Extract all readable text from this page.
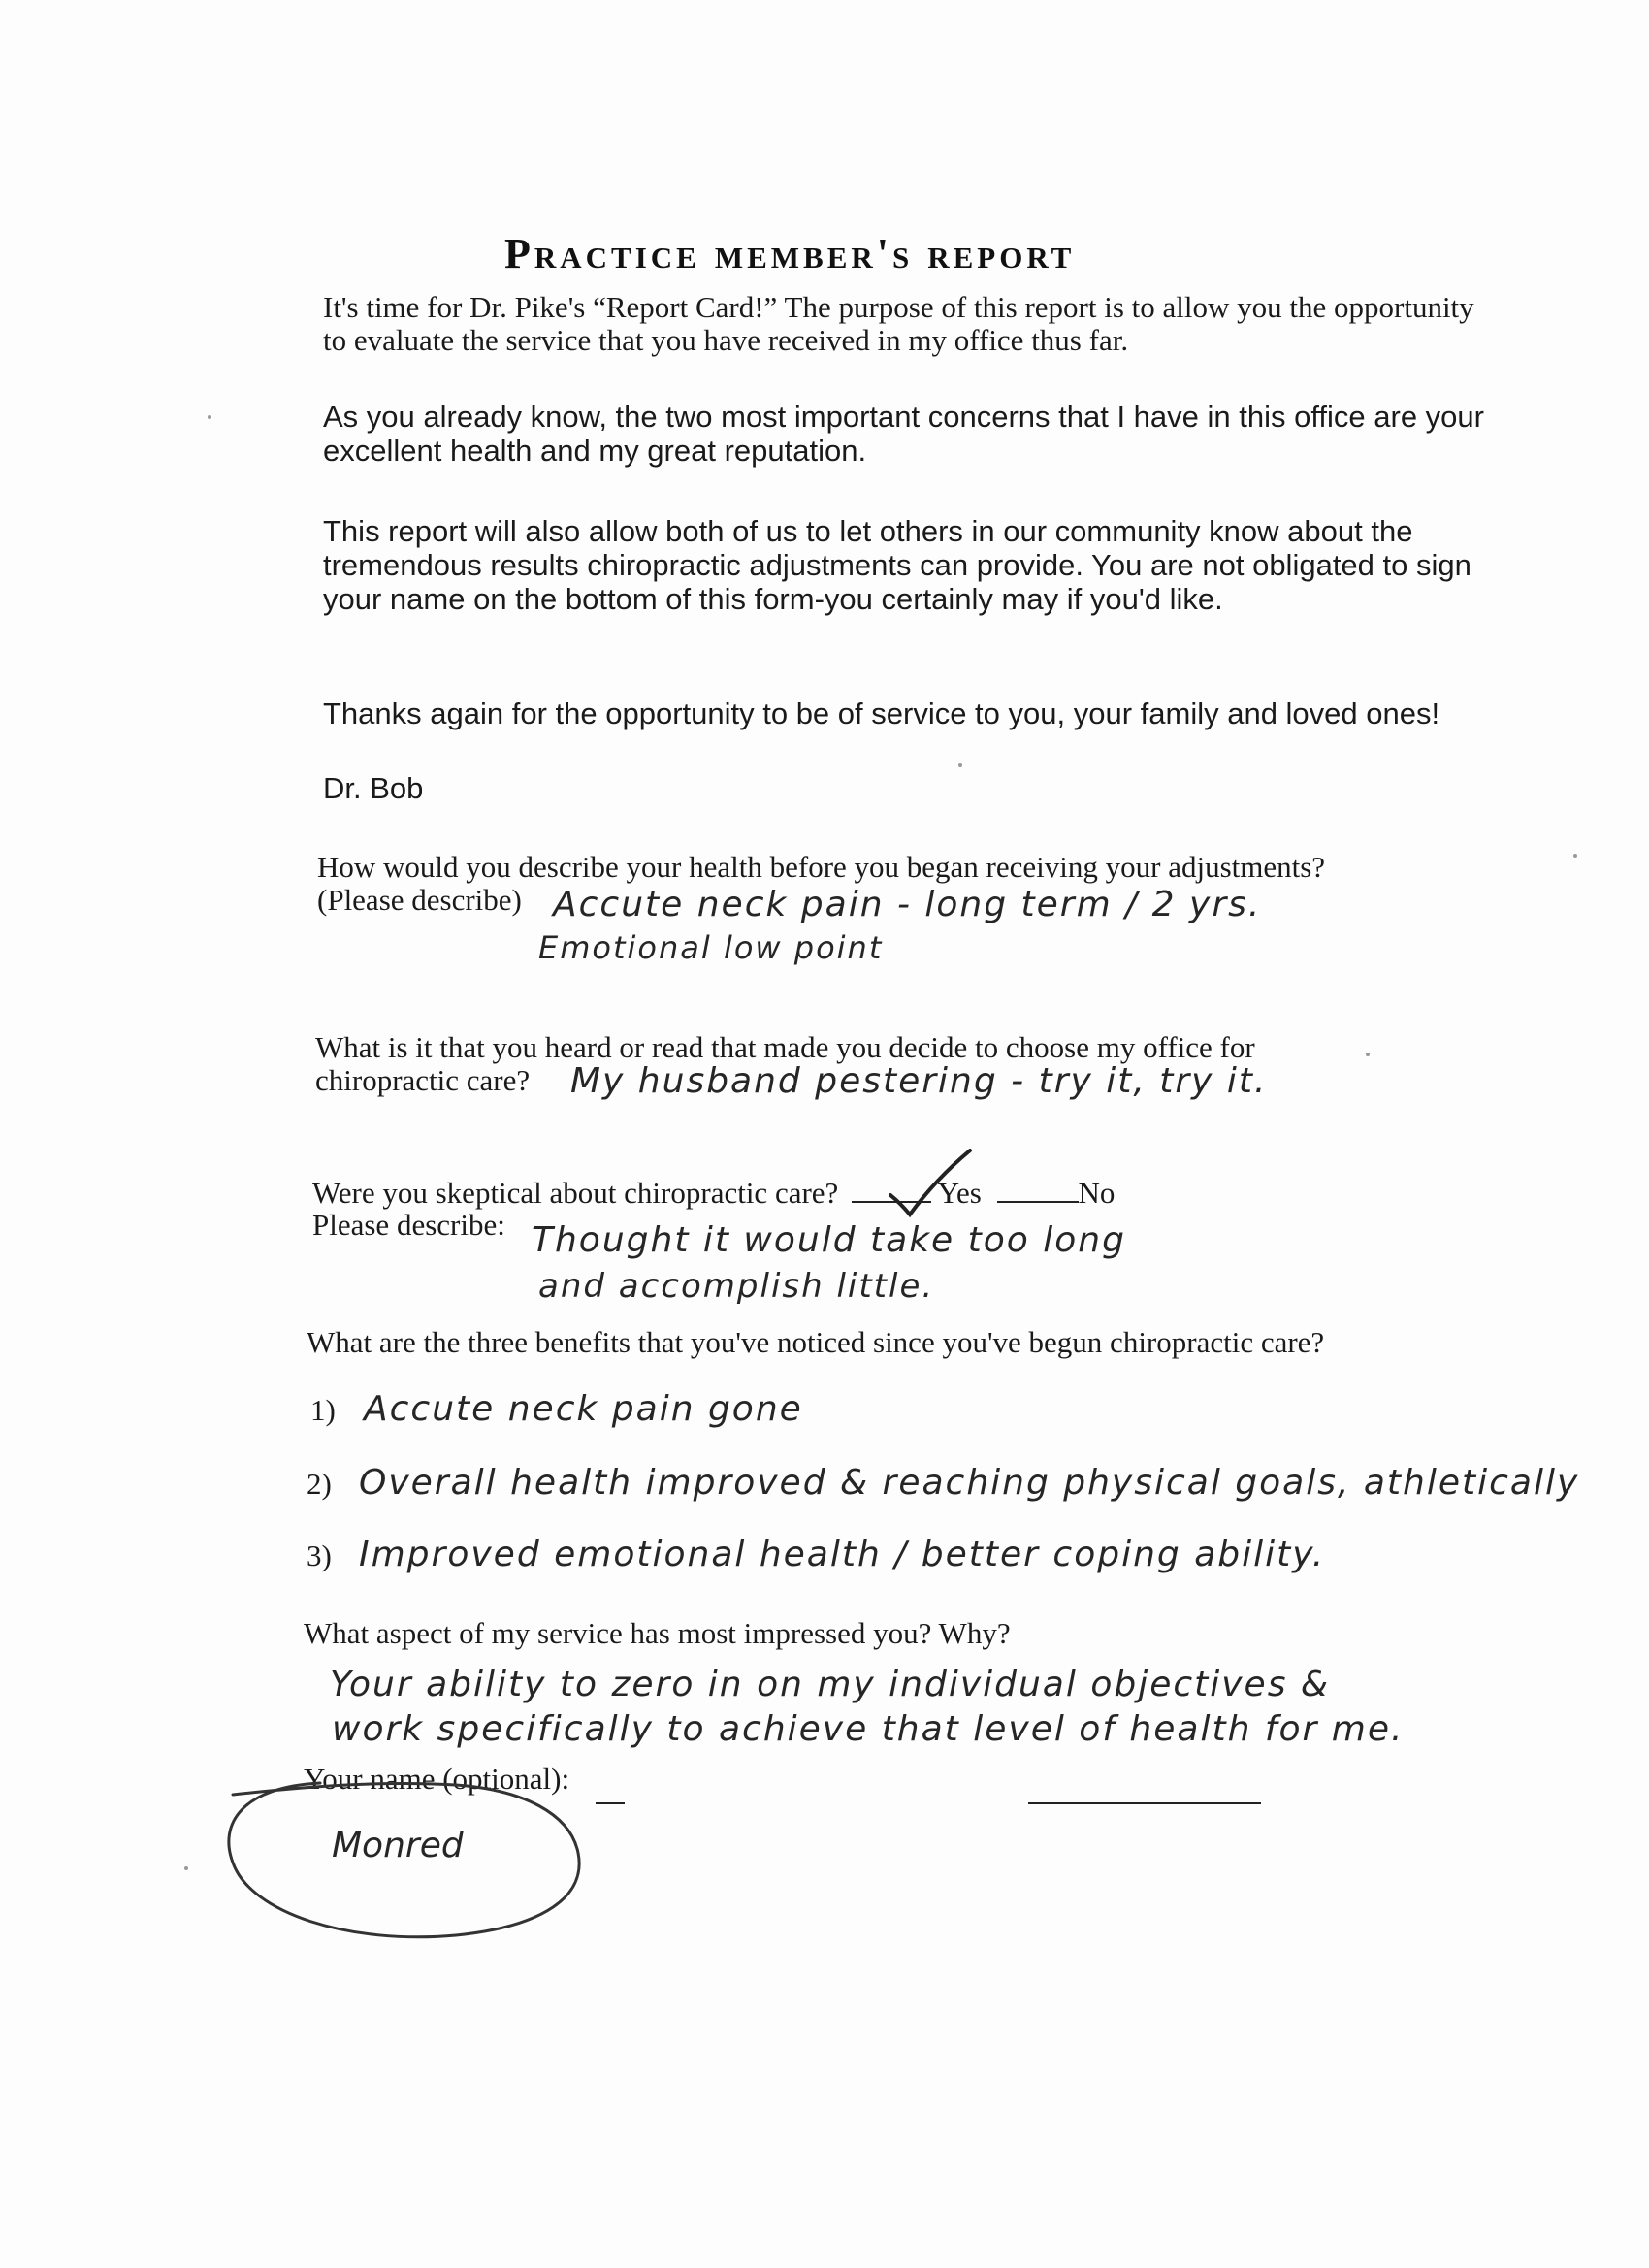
Practice member's report
It's time for Dr. Pike's “Report Card!” The purpose of this report is to allow you the opportunity to evaluate the service that you have received in my office thus far.
As you already know, the two most important concerns that I have in this office are your excellent health and my great reputation.
This report will also allow both of us to let others in our community know about the tremendous results chiropractic adjustments can provide. You are not obligated to sign your name on the bottom of this form-you certainly may if you'd like.
Thanks again for the opportunity to be of service to you, your family and loved ones!
Dr. Bob
How would you describe your health before you began receiving your adjustments?
(Please describe) Accute neck pain - long term / 2 yrs.
Emotional low point
What is it that you heard or read that made you decide to choose my office for
chiropractic care? My husband pestering - try it, try it.
Were you skeptical about chiropractic care?	Yes	No
Please describe: Thought it would take too long
and accomplish little.
What are the three benefits that you've noticed since you've begun chiropractic care?
1)
2)
3)
Accute neck pain gone
Overall health improved & reaching physical goals, athletically
Improved emotional health / better coping ability.
What aspect of my service has most impressed you? Why?
Your ability to zero in on my individual objectives &
work specifically to achieve that level of health for me.
Your name (optional):
Monred
